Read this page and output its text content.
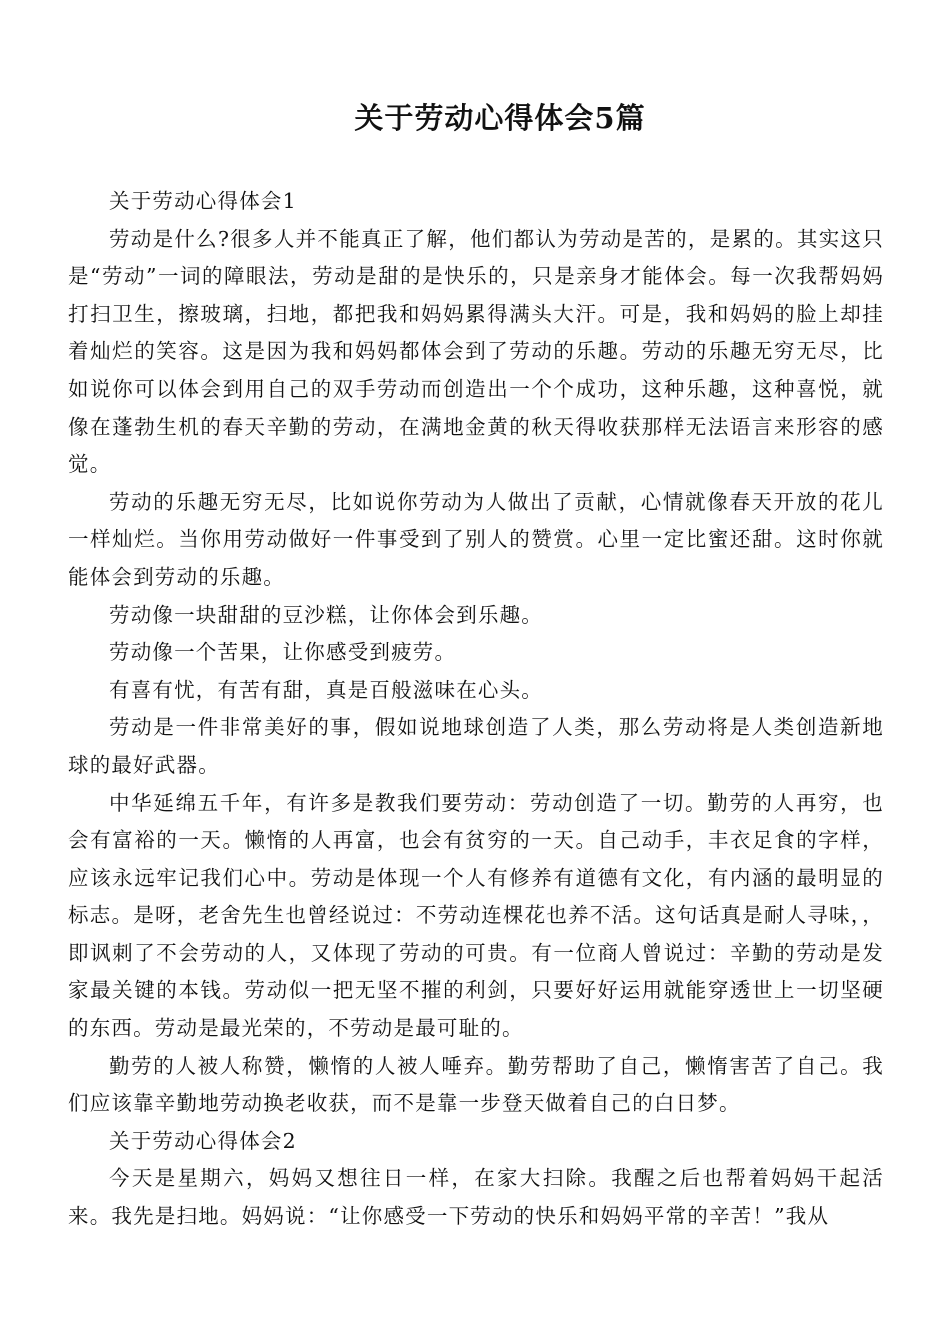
关于劳动心得体会5篇

关于劳动心得体会1

劳动是什么?很多人并不能真正了解，他们都认为劳动是苦的，是累的。其实这只是“劳动”一词的障眼法，劳动是甜的是快乐的，只是亲身才能体会。每一次我帮妈妈打扫卫生，擦玻璃，扫地，都把我和妈妈累得满头大汗。可是，我和妈妈的脸上却挂着灿烂的笑容。这是因为我和妈妈都体会到了劳动的乐趣。劳动的乐趣无穷无尽，比如说你可以体会到用自己的双手劳动而创造出一个个成功，这种乐趣，这种喜悦，就像在蓬勃生机的春天辛勤的劳动，在满地金黄的秋天得收获那样无法语言来形容的感觉。

劳动的乐趣无穷无尽，比如说你劳动为人做出了贡献，心情就像春天开放的花儿一样灿烂。当你用劳动做好一件事受到了别人的赞赏。心里一定比蜜还甜。这时你就能体会到劳动的乐趣。

劳动像一块甜甜的豆沙糕，让你体会到乐趣。

劳动像一个苦果，让你感受到疲劳。

有喜有忧，有苦有甜，真是百般滋味在心头。

劳动是一件非常美好的事，假如说地球创造了人类，那么劳动将是人类创造新地球的最好武器。

中华延绵五千年，有许多是教我们要劳动：劳动创造了一切。勤劳的人再穷，也会有富裕的一天。懒惰的人再富，也会有贫穷的一天。自己动手，丰衣足食的字样，应该永远牢记我们心中。劳动是体现一个人有修养有道德有文化，有内涵的最明显的标志。是呀，老舍先生也曾经说过：不劳动连棵花也养不活。这句话真是耐人寻味，，即讽刺了不会劳动的人，又体现了劳动的可贵。有一位商人曾说过：辛勤的劳动是发家最关键的本钱。劳动似一把无坚不摧的利剑，只要好好运用就能穿透世上一切坚硬的东西。劳动是最光荣的，不劳动是最可耻的。

勤劳的人被人称赞，懒惰的人被人唾弃。勤劳帮助了自己，懒惰害苦了自己。我们应该靠辛勤地劳动换老收获，而不是靠一步登天做着自己的白日梦。

关于劳动心得体会2

今天是星期六，妈妈又想往日一样，在家大扫除。我醒之后也帮着妈妈干起活来。我先是扫地。妈妈说：“让你感受一下劳动的快乐和妈妈平常的辛苦！”我从
